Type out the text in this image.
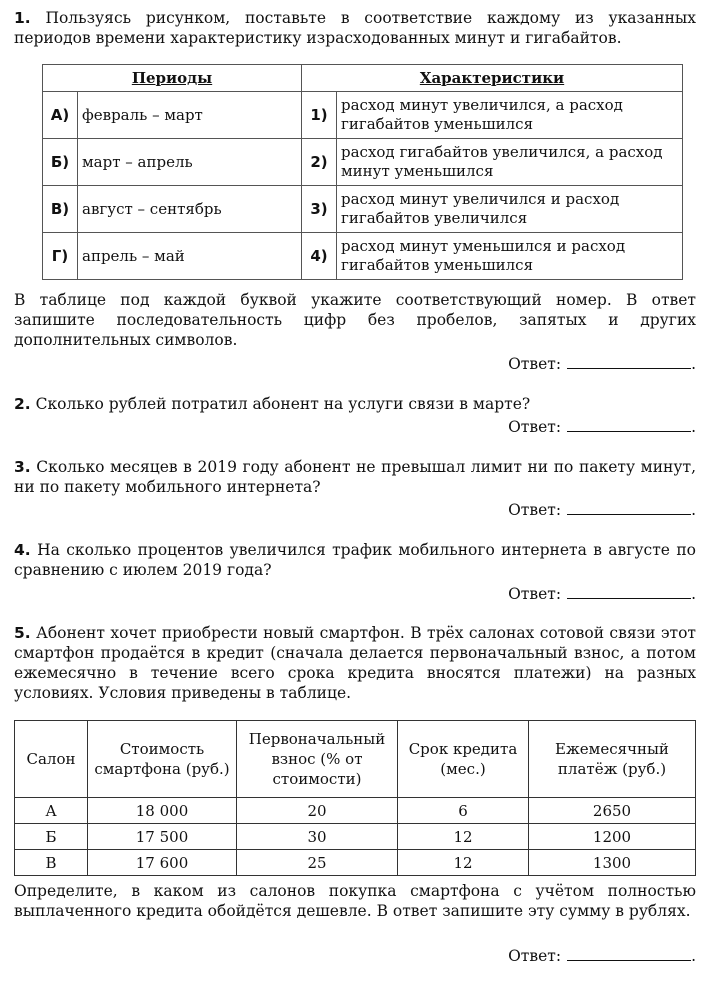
1. Пользуясь рисунком, поставьте в соответствие каждому из указанных периодов времени характеристику израсходованных минут и гигабайтов.
Периоды		Характеристики	
А)	февраль – март	1)	расход минут увеличился, а расход гигабайтов уменьшился
Б)	март – апрель	2)	расход гигабайтов увеличился, а расход минут уменьшился
В)	август – сентябрь	3)	расход минут увеличился и расход гигабайтов увеличился
Г)	апрель – май	4)	расход минут уменьшился и расход гигабайтов уменьшился
В таблице под каждой буквой укажите соответствующий номер. В ответ запишите последовательность цифр без пробелов, запятых и других дополнительных символов.
Ответ:	.
2. Сколько рублей потратил абонент на услуги связи в марте?
Ответ:	.
3. Сколько месяцев в 2019 году абонент не превышал лимит ни по пакету минут, ни по пакету мобильного интернета?
Ответ:	.
4. На сколько процентов увеличился трафик мобильного интернета в августе по сравнению с июлем 2019 года?
Ответ:	.
5. Абонент хочет приобрести новый смартфон. В трёх салонах сотовой связи этот смартфон продаётся в кредит (сначала делается первоначальный взнос, а потом ежемесячно в течение всего срока кредита вносятся платежи) на разных условиях. Условия приведены в таблице.
Салон	Стоимость смартфона (руб.)	Первоначальный взнос (% от стоимости)	Срок кредита (мес.)	Ежемесячный платёж (руб.)
А	18 000	20	6	2650
Б	17 500	30	12	1200
В	17 600	25	12	1300
Определите, в каком из салонов покупка смартфона с учётом полностью выплаченного кредита обойдётся дешевле. В ответ запишите эту сумму в рублях.
Ответ:	.
